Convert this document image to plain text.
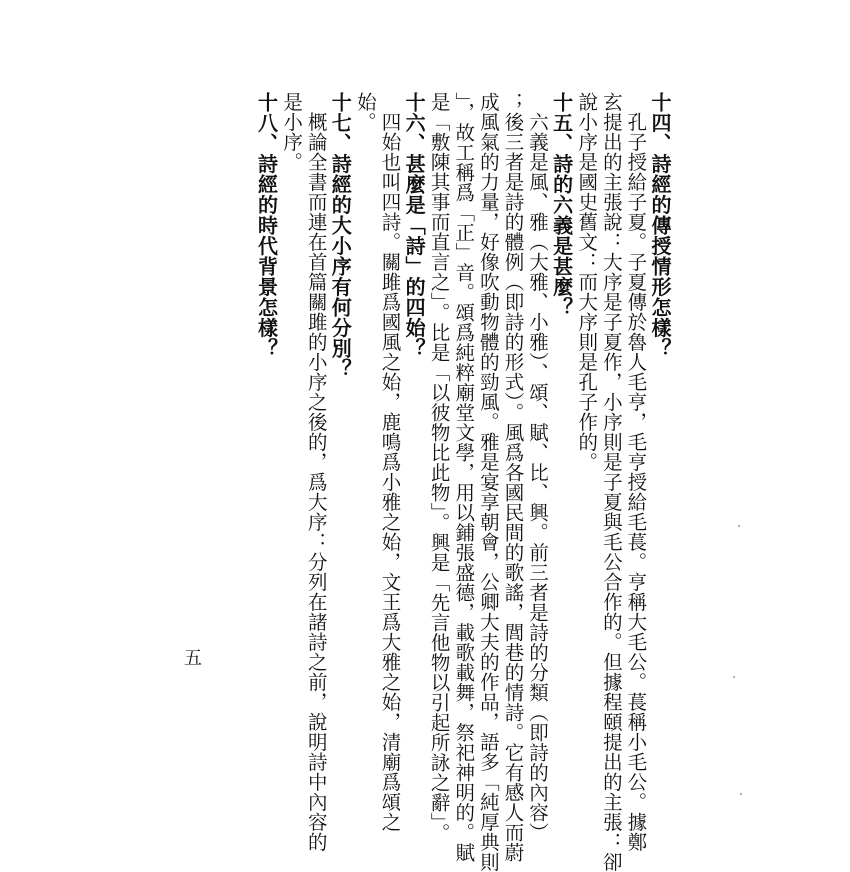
十四、詩經的傳授情形怎樣？
孔子授給子夏。子夏傳於魯人毛亨，毛亨授給毛萇。亨稱大毛公。萇稱小毛公。據鄭
玄提出的主張說：大序是子夏作，小序則是子夏與毛公合作的。但據程頤提出的主張：卻
說小序是國史舊文：而大序則是孔子作的。
十五、詩的六義是甚麼？
六義是風、雅（大雅、小雅）、頌、賦、比、興。前三者是詩的分類（即詩的內容）
；後三者是詩的體例（即詩的形式）。風爲各國民間的歌謠，閭巷的情詩。它有感人而蔚
成風氣的力量，好像吹動物體的勁風。雅是宴享朝會，公卿大夫的作品，語多「純厚典則
」，故工稱爲「正」音。頌爲純粹廟堂文學，用以鋪張盛德，載歌載舞，祭祀神明的。賦
是「敷陳其事而直言之」。比是「以彼物比此物」。興是「先言他物以引起所詠之辭」。
十六、甚麼是「詩」的四始？
四始也叫四詩。關雎爲國風之始，鹿鳴爲小雅之始，文王爲大雅之始，清廟爲頌之
始。
十七、詩經的大小序有何分別？
概論全書而連在首篇關雎的小序之後的，爲大序：分列在諸詩之前，說明詩中內容的
是小序。
十八、詩經的時代背景怎樣？
五
